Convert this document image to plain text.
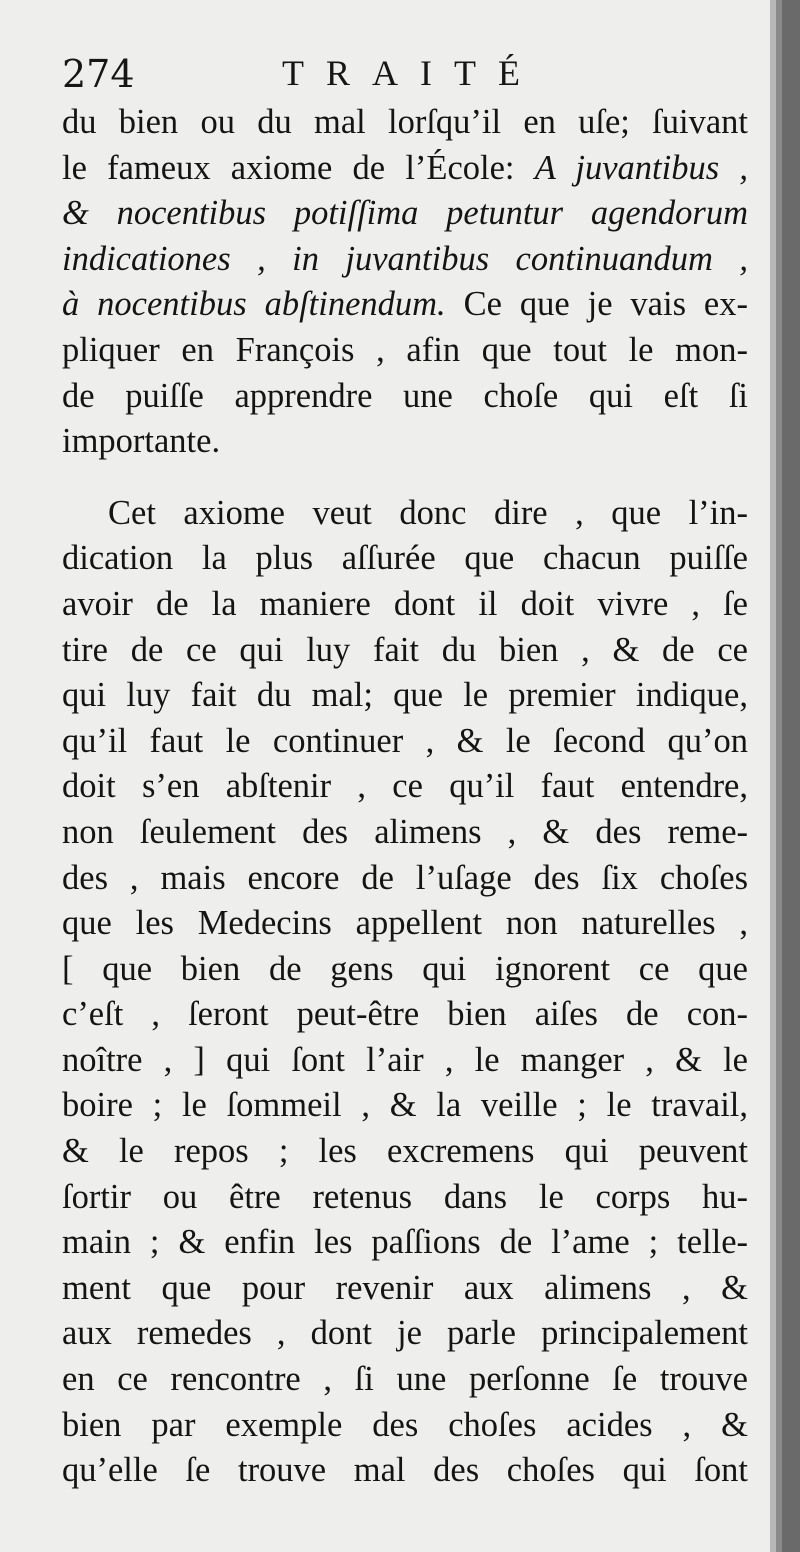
274	TRAITÉ
du bien ou du mal lorſqu’il en uſe; ſuivant
le fameux axiome de l’École: A juvantibus ,
& nocentibus potiſſima petuntur agendorum
indicationes , in juvantibus continuandum ,
à nocentibus abſtinendum. Ce que je vais ex-
pliquer en François , afin que tout le mon-
de puiſſe apprendre une choſe qui eſt ſi
importante.
Cet axiome veut donc dire , que l’in-
dication la plus aſſurée que chacun puiſſe
avoir de la maniere dont il doit vivre , ſe
tire de ce qui luy fait du bien , & de ce
qui luy fait du mal; que le premier indique,
qu’il faut le continuer , & le ſecond qu’on
doit s’en abſtenir , ce qu’il faut entendre,
non ſeulement des alimens , & des reme-
des , mais encore de l’uſage des ſix choſes
que les Medecins appellent non naturelles ,
[ que bien de gens qui ignorent ce que
c’eſt , ſeront peut-être bien aiſes de con-
noître , ] qui ſont l’air , le manger , & le
boire ; le ſommeil , & la veille ; le travail,
& le repos ; les excremens qui peuvent
ſortir ou être retenus dans le corps hu-
main ; & enfin les paſſions de l’ame ; telle-
ment que pour revenir aux alimens , &
aux remedes , dont je parle principalement
en ce rencontre , ſi une perſonne ſe trouve
bien par exemple des choſes acides , &
qu’elle ſe trouve mal des choſes qui ſont
